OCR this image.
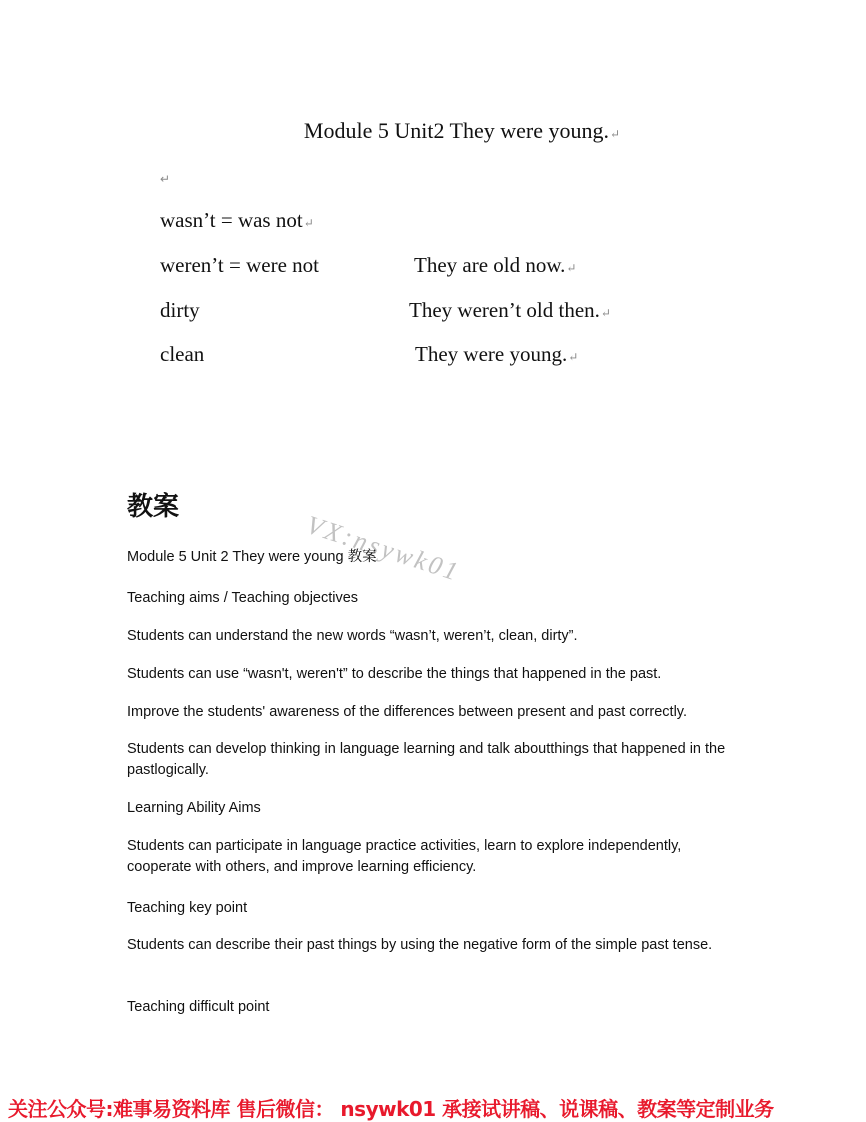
Module 5 Unit2 They were young.↵
↵
wasn’t = was not↵
weren’t = were not
dirty
clean
They are old now.↵
They weren’t old then.↵
They were young.↵
教案
VX:nsywk01
Module 5 Unit 2 They were young 教案
Teaching aims / Teaching objectives
Students can understand the new words “wasn’t, weren’t, clean, dirty”.
Students can use “wasn't, weren't” to describe the things that happened in the past.
Improve the students' awareness of the differences between present and past correctly.
Students can develop thinking in language learning and talk aboutthings that happened in the pastlogically.
Learning Ability Aims
Students can participate in language practice activities, learn to explore independently, cooperate with others, and improve learning efficiency.
Teaching key point
Students can describe their past things by using the negative form of the simple past tense.
Teaching difficult point
关注公众号:难事易资料库 售后微信： nsywk01 承接试讲稿、说课稿、教案等定制业务
